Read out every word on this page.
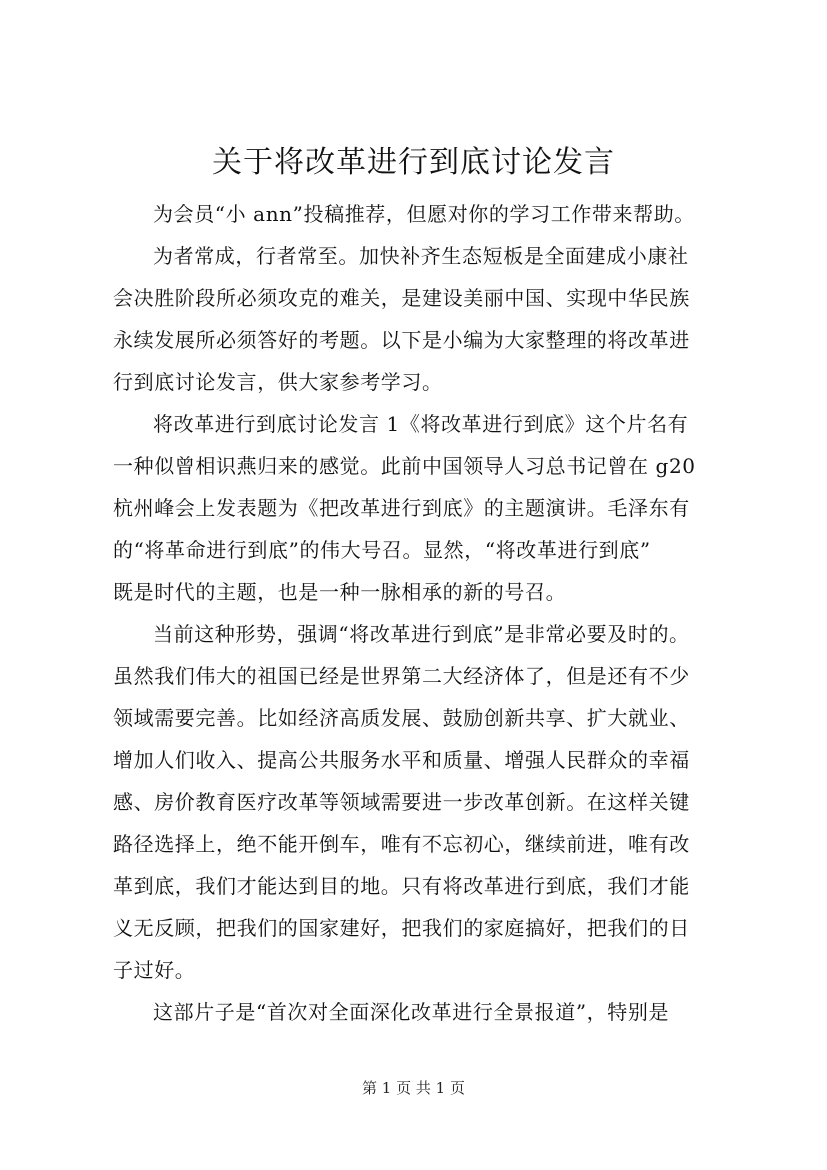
关于将改革进行到底讨论发言
为会员“小 ann”投稿推荐，但愿对你的学习工作带来帮助。
为者常成，行者常至。加快补齐生态短板是全面建成小康社
会决胜阶段所必须攻克的难关，是建设美丽中国、实现中华民族
永续发展所必须答好的考题。以下是小编为大家整理的将改革进
行到底讨论发言，供大家参考学习。
将改革进行到底讨论发言 1《将改革进行到底》这个片名有
一种似曾相识燕归来的感觉。此前中国领导人习总书记曾在 g20
杭州峰会上发表题为《把改革进行到底》的主题演讲。毛泽东有
的“将革命进行到底”的伟大号召。显然，“将改革进行到底”
既是时代的主题，也是一种一脉相承的新的号召。
当前这种形势，强调“将改革进行到底”是非常必要及时的。
虽然我们伟大的祖国已经是世界第二大经济体了，但是还有不少
领域需要完善。比如经济高质发展、鼓励创新共享、扩大就业、
增加人们收入、提高公共服务水平和质量、增强人民群众的幸福
感、房价教育医疗改革等领域需要进一步改革创新。在这样关键
路径选择上，绝不能开倒车，唯有不忘初心，继续前进，唯有改
革到底，我们才能达到目的地。只有将改革进行到底，我们才能
义无反顾，把我们的国家建好，把我们的家庭搞好，把我们的日
子过好。
这部片子是“首次对全面深化改革进行全景报道”，特别是
第 1 页 共 1 页
